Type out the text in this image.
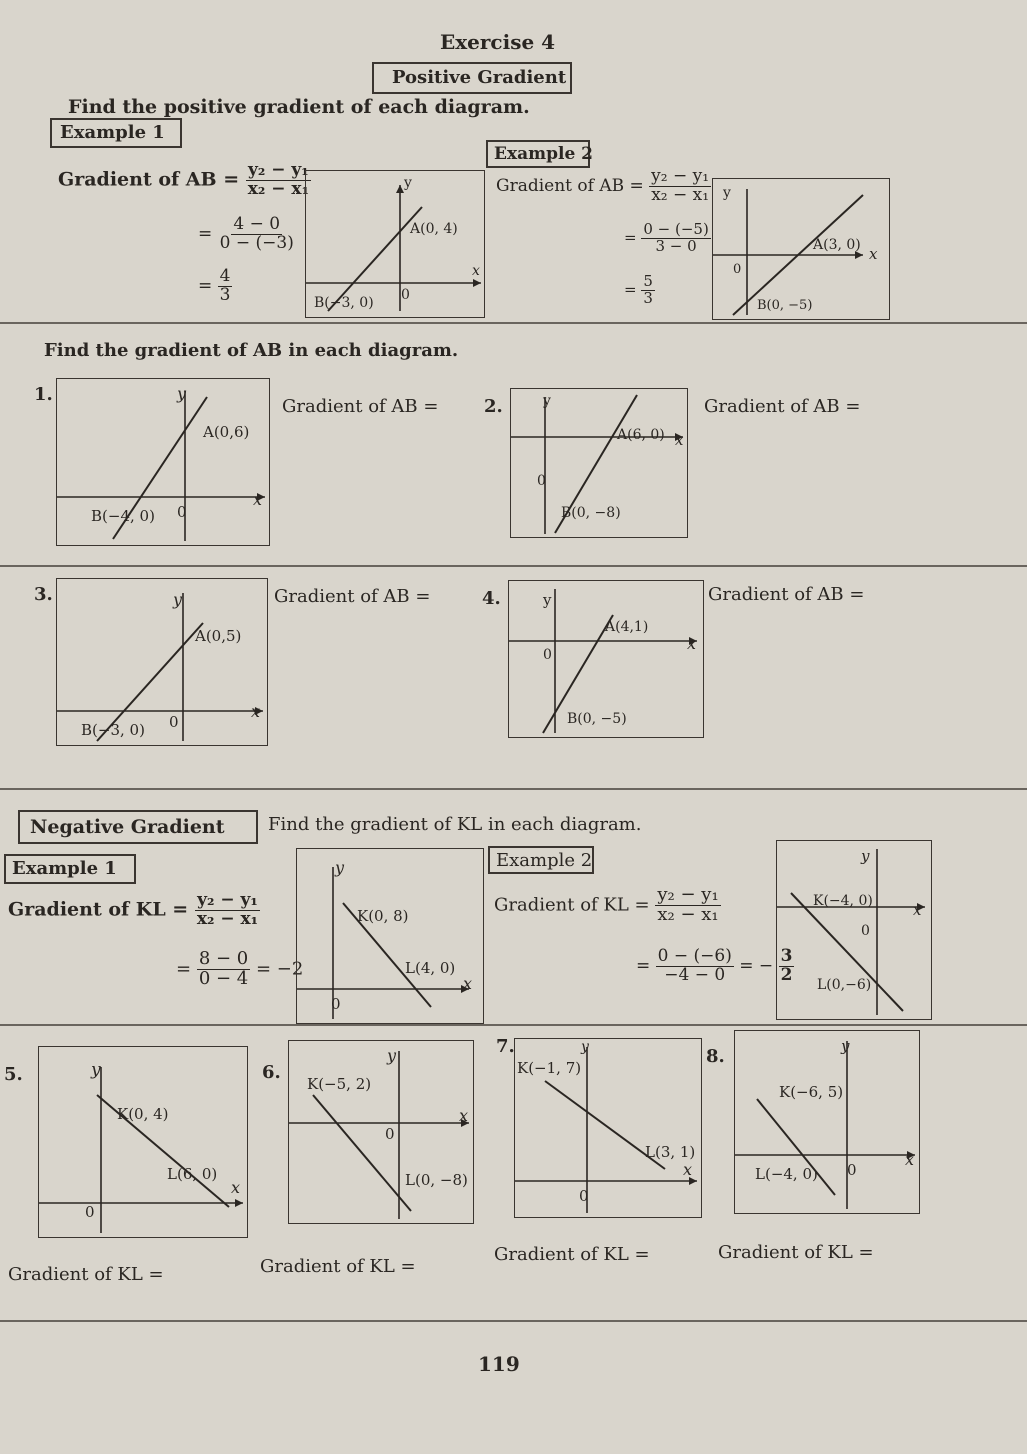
Exercise 4
Positive Gradient
Find the positive gradient of each diagram.
Example 1
Gradient of AB = $\frac{\text{y₂ − y₁}}{\text{x₂ − x₁}}$
= $\frac{4 - 0}{0 - (-3)}$
= $\frac{4}{3}$
y
x
A(0, 4)
B(−3, 0) 0
Example 2
Gradient of AB = $\frac{\text{y₂ − y₁}}{\text{x₂ − x₁}}$
= $\frac{0 - (-5)}{3 - 0}$
= $\frac{5}{3}$
y
x
A(3, 0)
B(0, −5)
0
Find the gradient of AB in each diagram.
1.	y
x
A(0,6)
B(−4, 0) 0
Gradient of AB =	2.	y
x
A(6, 0)
B(0, −8)
0
Gradient of AB =
3.	y
x
A(0,5)
B(−3, 0) 0
Gradient of AB =	4.	y
x
A(4,1)
B(0, −5)
0
Gradient of AB =
Negative Gradient Find the gradient of KL in each diagram.
Example 1
Gradient of KL = $\frac{\text{y₂ − y₁}}{\text{x₂ − x₁}}$
= $\frac{8 - 0}{0 - 4} = -2$
y
x
K(0, 8)
L(4, 0)
0
Example 2
Gradient of KL = $\frac{\text{y₂ − y₁}}{\text{x₂ − x₁}}$
= $\frac{0 - (-6)}{-4 - 0}$ = − $\frac{3}{2}$
y
x
K(−4, 0)
L(0,−6)
0
5.	y
x
K(0, 4)
L(6, 0)
0
Gradient of KL =
6.
y
x
K(−5, 2)
L(0, −8)
0
Gradient of KL =
7.	y
x
K(−1, 7)
L(3, 1)
0
Gradient of KL =
8.	y
x
K(−6, 5)
L(−4, 0) 0
Gradient of KL =
119
